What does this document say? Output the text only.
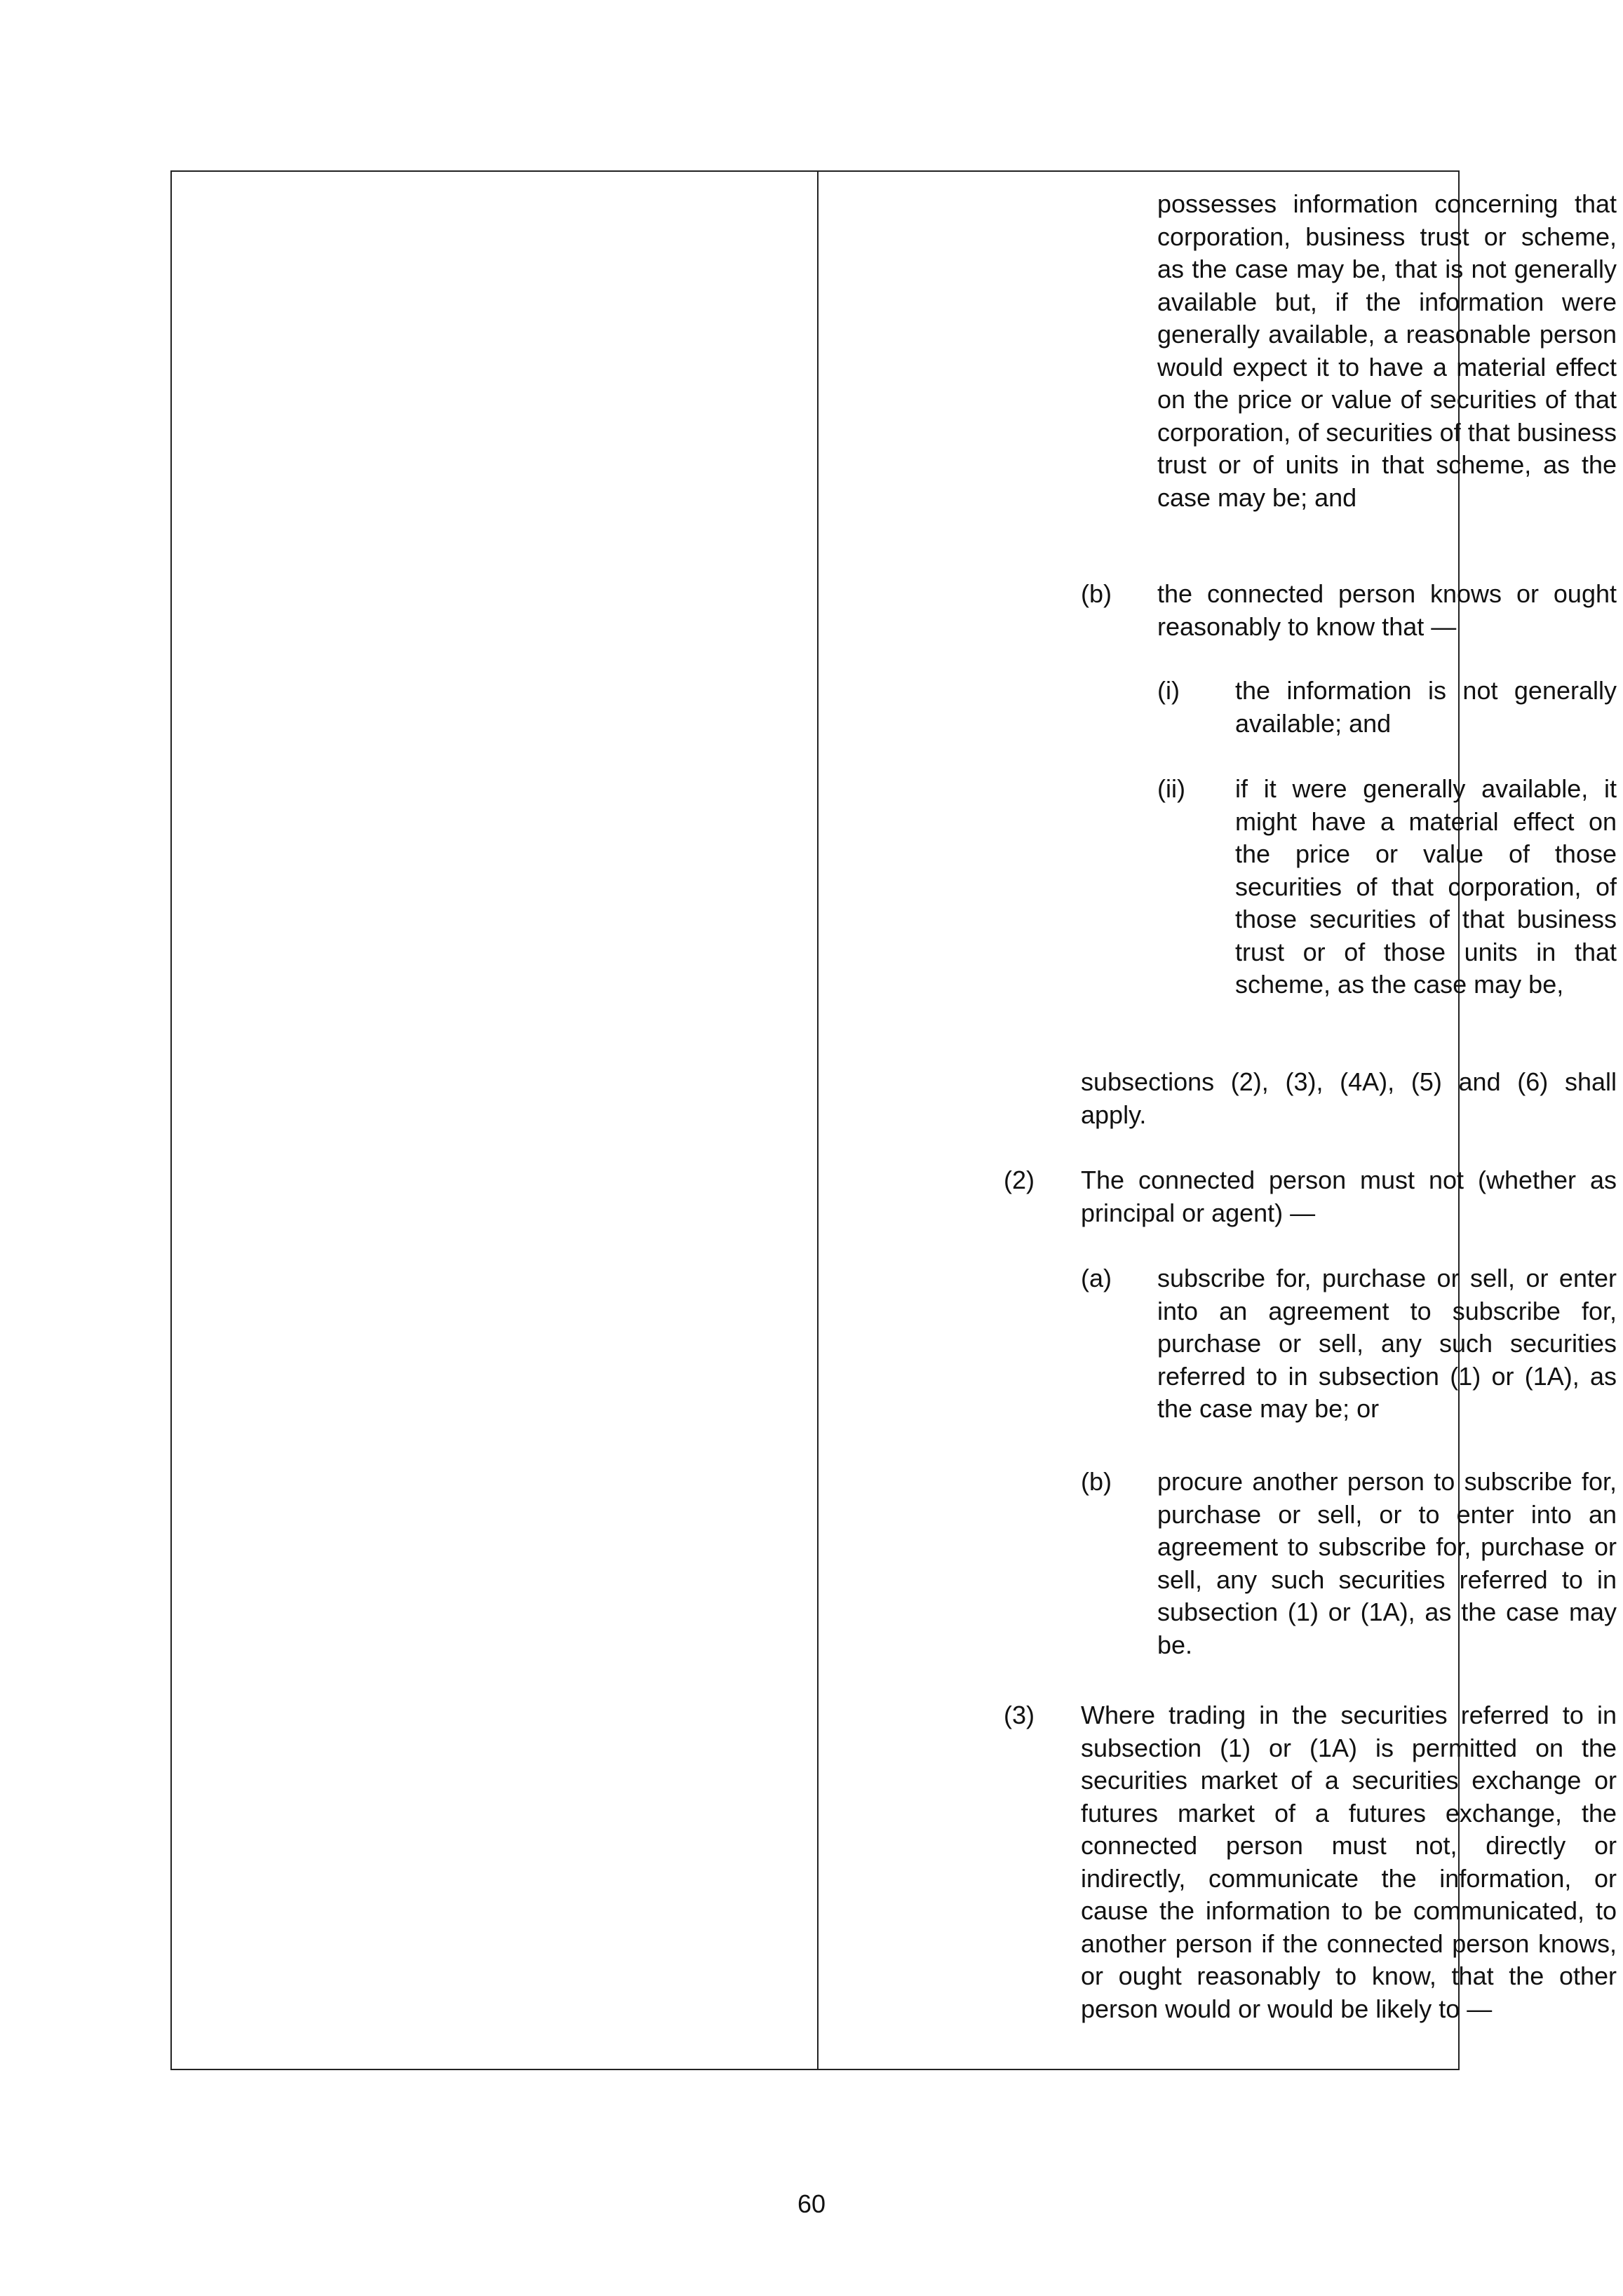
possesses information concerning that corporation, business trust or scheme, as the case may be, that is not generally available but, if the information were generally available, a reasonable person would expect it to have a material effect on the price or value of securities of that corporation, of securities of that business trust or of units in that scheme, as the case may be; and

(b) the connected person knows or ought reasonably to know that —

(i) the information is not generally available; and

(ii) if it were generally available, it might have a material effect on the price or value of those securities of that corporation, of those securities of that business trust or of those units in that scheme, as the case may be,

subsections (2), (3), (4A), (5) and (6) shall apply.

(2) The connected person must not (whether as principal or agent) —

(a) subscribe for, purchase or sell, or enter into an agreement to subscribe for, purchase or sell, any such securities referred to in subsection (1) or (1A), as the case may be; or

(b) procure another person to subscribe for, purchase or sell, or to enter into an agreement to subscribe for, purchase or sell, any such securities referred to in subsection (1) or (1A), as the case may be.

(3) Where trading in the securities referred to in subsection (1) or (1A) is permitted on the securities market of a securities exchange or futures market of a futures exchange, the connected person must not, directly or indirectly, communicate the information, or cause the information to be communicated, to another person if the connected person knows, or ought reasonably to know, that the other person would or would be likely to —

60
